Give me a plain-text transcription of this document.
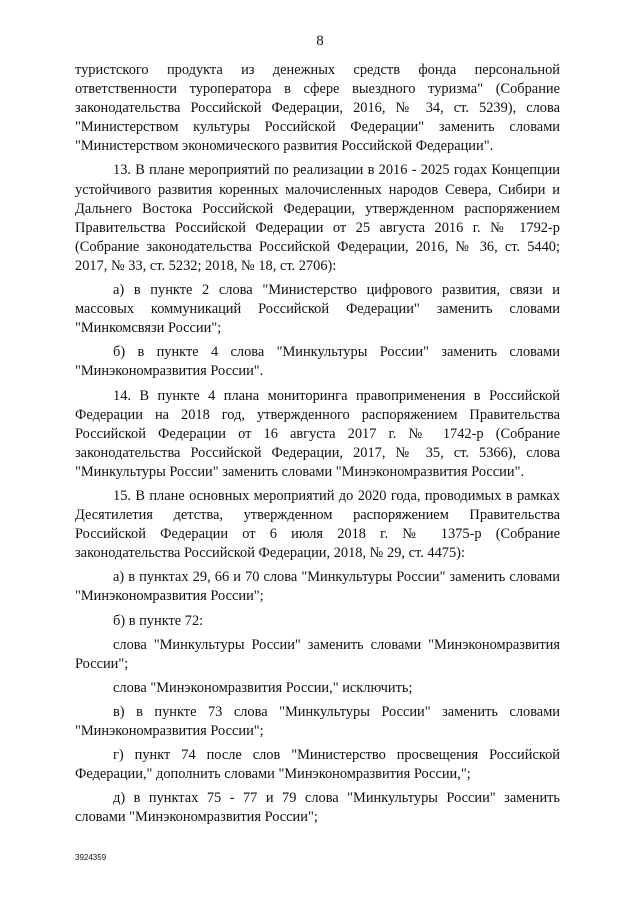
8

туристского продукта из денежных средств фонда персональной ответственности туроператора в сфере выездного туризма" (Собрание законодательства Российской Федерации, 2016, № 34, ст. 5239), слова "Министерством культуры Российской Федерации" заменить словами "Министерством экономического развития Российской Федерации".

13. В плане мероприятий по реализации в 2016 - 2025 годах Концепции устойчивого развития коренных малочисленных народов Севера, Сибири и Дальнего Востока Российской Федерации, утвержденном распоряжением Правительства Российской Федерации от 25 августа 2016 г. № 1792-р (Собрание законодательства Российской Федерации, 2016, № 36, ст. 5440; 2017, № 33, ст. 5232; 2018, № 18, ст. 2706):

а) в пункте 2 слова "Министерство цифрового развития, связи и массовых коммуникаций Российской Федерации" заменить словами "Минкомсвязи России";

б) в пункте 4 слова "Минкультуры России" заменить словами "Минэкономразвития России".

14. В пункте 4 плана мониторинга правоприменения в Российской Федерации на 2018 год, утвержденного распоряжением Правительства Российской Федерации от 16 августа 2017 г. № 1742-р (Собрание законодательства Российской Федерации, 2017, № 35, ст. 5366), слова "Минкультуры России" заменить словами "Минэкономразвития России".

15. В плане основных мероприятий до 2020 года, проводимых в рамках Десятилетия детства, утвержденном распоряжением Правительства Российской Федерации от 6 июля 2018 г. № 1375-р (Собрание законодательства Российской Федерации, 2018, № 29, ст. 4475):

а) в пунктах 29, 66 и 70 слова "Минкультуры России" заменить словами "Минэкономразвития России";

б) в пункте 72:

слова "Минкультуры России" заменить словами "Минэкономразвития России";

слова "Минэкономразвития России," исключить;

в) в пункте 73 слова "Минкультуры России" заменить словами "Минэкономразвития России";

г) пункт 74 после слов "Министерство просвещения Российской Федерации," дополнить словами "Минэкономразвития России,";

д) в пунктах 75 - 77 и 79 слова "Минкультуры России" заменить словами "Минэкономразвития России";

3924359
